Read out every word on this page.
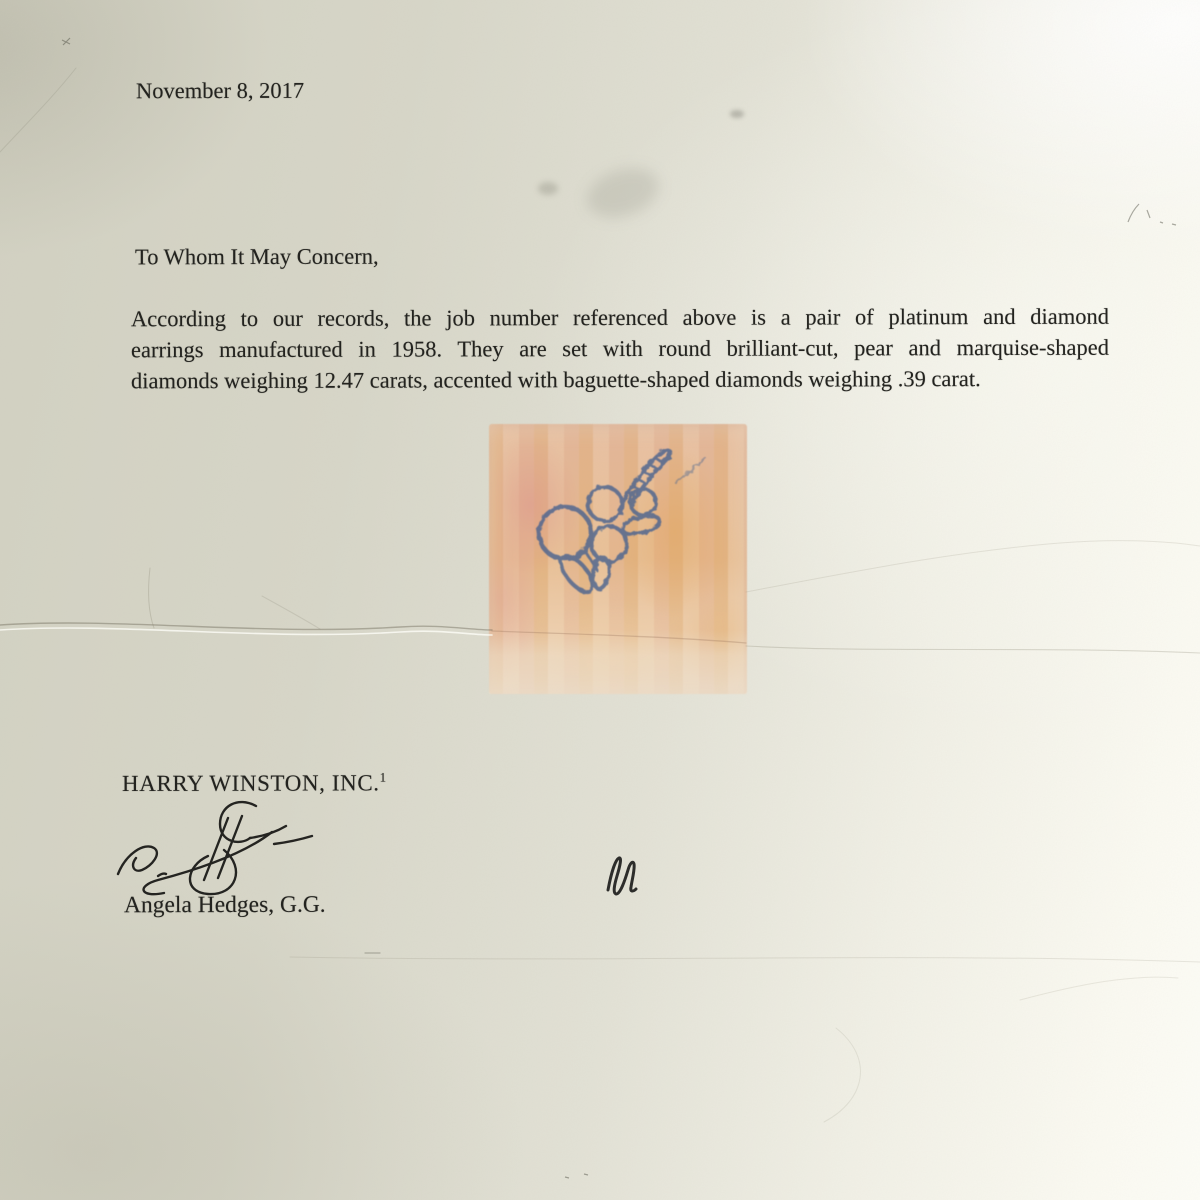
November 8, 2017
To Whom It May Concern,
According to our records, the job number referenced above is a pair of platinum and diamond
earrings manufactured in 1958. They are set with round brilliant-cut, pear and marquise-shaped
diamonds weighing 12.47 carats, accented with baguette-shaped diamonds weighing .39 carat.
HARRY WINSTON, INC.$^1$
Angela Hedges, G.G.
